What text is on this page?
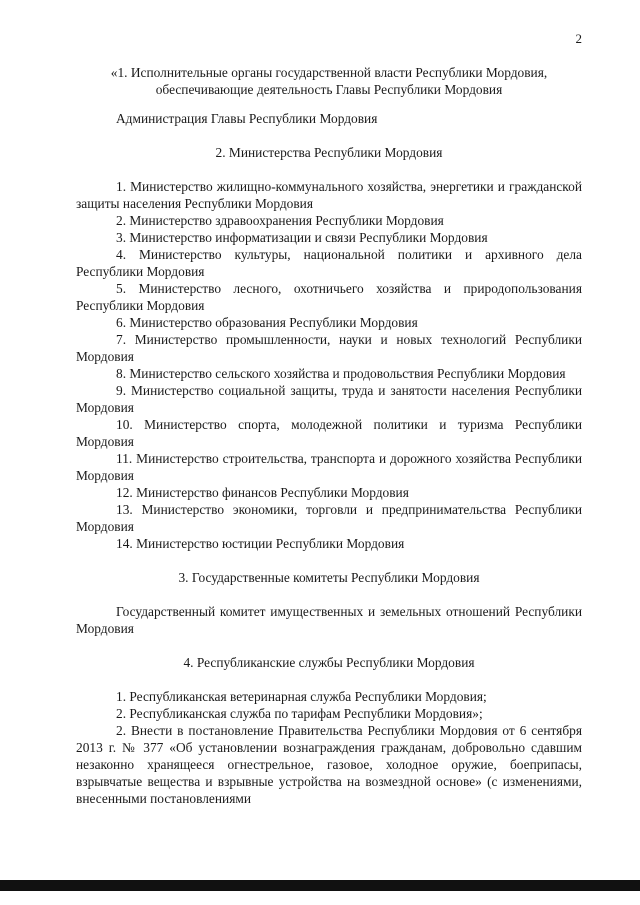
2

«1. Исполнительные органы государственной власти Республики Мордовия,

обеспечивающие деятельность Главы Республики Мордовия

Администрация Главы Республики Мордовия

2. Министерства Республики Мордовия

1. Министерство жилищно-коммунального хозяйства, энергетики и гражданской защиты населения Республики Мордовия

2. Министерство здравоохранения Республики Мордовия

3. Министерство информатизации и связи Республики Мордовия

4. Министерство культуры, национальной политики и архивного дела Республики Мордовия

5. Министерство лесного, охотничьего хозяйства и природопользования Республики Мордовия

6. Министерство образования Республики Мордовия

7. Министерство промышленности, науки и новых технологий Республики Мордовия

8. Министерство сельского хозяйства и продовольствия Республики Мордовия

9. Министерство социальной защиты, труда и занятости населения Республики Мордовия

10. Министерство спорта, молодежной политики и туризма Республики Мордовия

11. Министерство строительства, транспорта и дорожного хозяйства Республики Мордовия

12. Министерство финансов Республики Мордовия

13. Министерство экономики, торговли и предпринимательства Республики Мордовия

14. Министерство юстиции Республики Мордовия

3. Государственные комитеты Республики Мордовия

Государственный комитет имущественных и земельных отношений Республики Мордовия

4. Республиканские службы Республики Мордовия

1. Республиканская ветеринарная служба Республики Мордовия;

2. Республиканская служба по тарифам Республики Мордовия»;

2. Внести в постановление Правительства Республики Мордовия от 6 сентября 2013 г. № 377 «Об установлении вознаграждения гражданам, добровольно сдавшим незаконно хранящееся огнестрельное, газовое, холодное оружие, боеприпасы, взрывчатые вещества и взрывные устройства на возмездной основе» (с изменениями, внесенными постановлениями
